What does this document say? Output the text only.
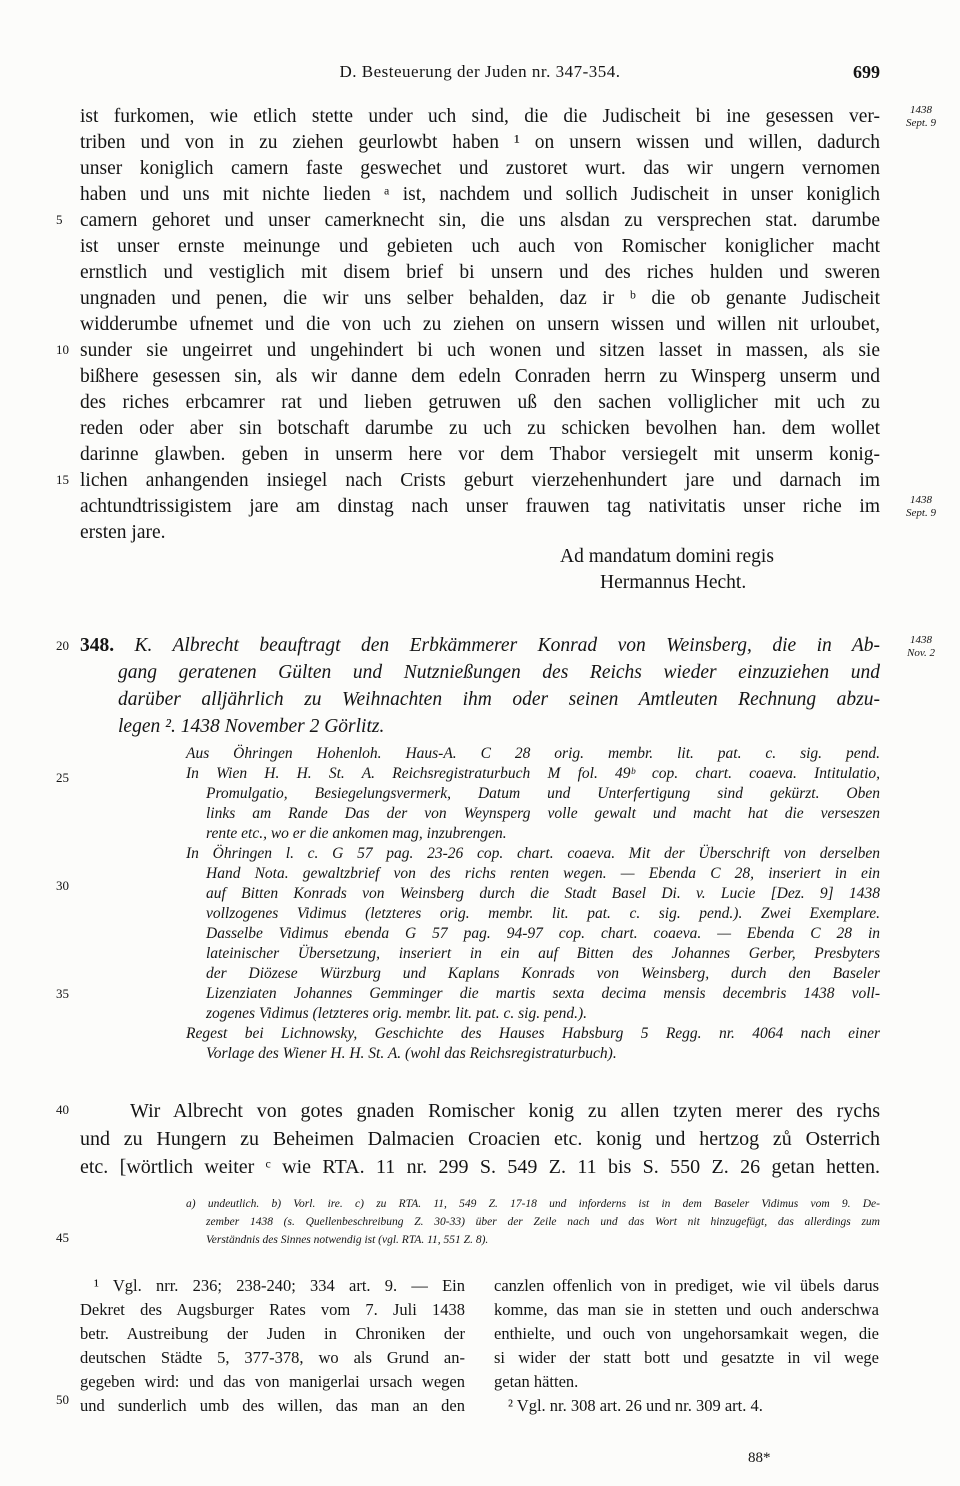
D. Besteuerung der Juden nr. 347-354.	699
ist furkomen, wie etlich stette under uch sind, die die Judischeit bi ine gesessen ver-
triben und von in zu ziehen geurlowbt haben ¹ on unsern wissen und willen, dadurch
unser koniglich camern faste geswechet und zustoret wurt. das wir ungern vernomen
haben und uns mit nichte lieden ᵃ ist, nachdem und sollich Judischeit in unser koniglich
camern gehoret und unser camerknecht sin, die uns alsdan zu versprechen stat. darumbe
ist unser ernste meinunge und gebieten uch auch von Romischer koniglicher macht
ernstlich und vestiglich mit disem brief bi unsern und des riches hulden und sweren
ungnaden und penen, die wir uns selber behalden, daz ir ᵇ die ob genante Judischeit
widderumbe ufnemet und die von uch zu ziehen on unsern wissen und willen nit urloubet,
sunder sie ungeirret und ungehindert bi uch wonen und sitzen lasset in massen, als sie
bißhere gesessen sin, als wir danne dem edeln Conraden herrn zu Winsperg unserm und
des riches erbcamrer rat und lieben getruwen uß den sachen volliglicher mit uch zu
reden oder aber sin botschaft darumbe zu uch zu schicken bevolhen han. dem wollet
darinne glawben. geben in unserm here vor dem Thabor versiegelt mit unserm konig-
lichen anhangenden insiegel nach Crists geburt vierzehenhundert jare und darnach im
achtundtrissigistem jare am dinstag nach unser frauwen tag nativitatis unser riche im
ersten jare.
Ad mandatum domini regis
Hermannus Hecht.
1438
Sept. 9
1438
Sept. 9
1438
Nov. 2
5
10
15
20
25
30
35
40
45
50
348. K. Albrecht beauftragt den Erbkämmerer Konrad von Weinsberg, die in Ab-
gang geratenen Gülten und Nutznießungen des Reichs wieder einzuziehen und
darüber alljährlich zu Weihnachten ihm oder seinen Amtleuten Rechnung abzu-
legen ². 1438 November 2 Görlitz.
Aus Öhringen Hohenloh. Haus-A. C 28 orig. membr. lit. pat. c. sig. pend.
In Wien H. H. St. A. Reichsregistraturbuch M fol. 49ᵇ cop. chart. coaeva. Intitulatio,
Promulgatio, Besiegelungsvermerk, Datum und Unterfertigung sind gekürzt. Oben
links am Rande Das der von Weynsperg volle gewalt und macht hat die verseszen
rente etc., wo er die ankomen mag, inzubrengen.
In Öhringen l. c. G 57 pag. 23-26 cop. chart. coaeva. Mit der Überschrift von derselben
Hand Nota. gewaltzbrief von des richs renten wegen. — Ebenda C 28, inseriert in ein
auf Bitten Konrads von Weinsberg durch die Stadt Basel Di. v. Lucie [Dez. 9] 1438
vollzogenes Vidimus (letzteres orig. membr. lit. pat. c. sig. pend.). Zwei Exemplare.
Dasselbe Vidimus ebenda G 57 pag. 94-97 cop. chart. coaeva. — Ebenda C 28 in
lateinischer Übersetzung, inseriert in ein auf Bitten des Johannes Gerber, Presbyters
der Diözese Würzburg und Kaplans Konrads von Weinsberg, durch den Baseler
Lizenziaten Johannes Gemminger die martis sexta decima mensis decembris 1438 voll-
zogenes Vidimus (letzteres orig. membr. lit. pat. c. sig. pend.).
Regest bei Lichnowsky, Geschichte des Hauses Habsburg 5 Regg. nr. 4064 nach einer
Vorlage des Wiener H. H. St. A. (wohl das Reichsregistraturbuch).
Wir Albrecht von gotes gnaden Romischer konig zu allen tzyten merer des rychs
und zu Hungern zu Beheimen Dalmacien Croacien etc. konig und hertzog zů Osterrich
etc. [wörtlich weiter ᶜ wie RTA. 11 nr. 299 S. 549 Z. 11 bis S. 550 Z. 26 getan hetten.
a) undeutlich. b) Vorl. ire. c) zu RTA. 11, 549 Z. 17-18 und inforderns ist in dem Baseler Vidimus vom 9. De-
zember 1438 (s. Quellenbeschreibung Z. 30-33) über der Zeile nach und das Wort nit hinzugefügt, das allerdings zum
Verständnis des Sinnes notwendig ist (vgl. RTA. 11, 551 Z. 8).
¹ Vgl. nrr. 236; 238-240; 334 art. 9. — Ein
Dekret des Augsburger Rates vom 7. Juli 1438
betr. Austreibung der Juden in Chroniken der
deutschen Städte 5, 377-378, wo als Grund an-
gegeben wird: und das von manigerlai ursach wegen
und sunderlich umb des willen, das man an den
canzlen offenlich von in prediget, wie vil übels darus
komme, das man sie in stetten und ouch anderschwa
enthielte, und ouch von ungehorsamkait wegen, die
si wider der statt bott und gesatzte in vil wege
getan hätten.
² Vgl. nr. 308 art. 26 und nr. 309 art. 4.
88*
